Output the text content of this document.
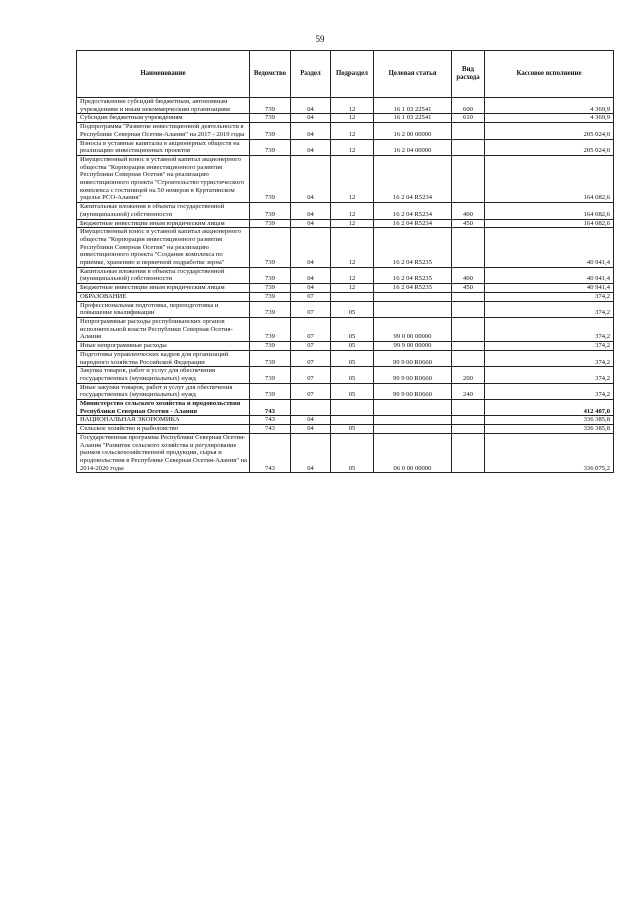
59
Наименование	Ведомство	Раздел	Подраздел	Целевая статья	Вид расхода	Кассовое исполнение
Предоставление субсидий бюджетным, автономным учреждениям и иным некоммерческим организациям	739	04	12	16 1 03 22541	600	4 369,9
Субсидии бюджетным учреждениям	739	04	12	16 1 03 22541	610	4 369,9
Подпрограмма "Развитие инвестиционной деятельности в Республике Северная Осетия-Алания" на 2017 - 2019 годы	739	04	12	16 2 00 00000		205 024,0
Взносы в уставные капиталы в акционерных обществ на реализацию инвестиционных проектов	739	04	12	16 2 04 00000		205 024,0
Имущественный взнос в уставной капитал акционерного общества "Корпорация инвестиционного развития Республики Северная Осетия" на реализацию инвестиционного проекта "Строительство туристического комплекса с гостиницей на 50 номеров в Куртатинском ущелье РСО-Алания"	739	04	12	16 2 04 R5234		164 082,6
Капитальные вложения в объекты государственной (муниципальной) собственности	739	04	12	16 2 04 R5234	400	164 082,6
Бюджетные инвестиции иным юридическим лицам	739	04	12	16 2 04 R5234	450	164 082,6
Имущественный взнос в уставной капитал акционерного общества "Корпорация инвестиционного развития Республики Северная Осетия" на реализацию инвестиционного проекта "Создание комплекса по приемке, хранению и первичной подработке зерна"	739	04	12	16 2 04 R5235		40 941,4
Капитальные вложения в объекты государственной (муниципальной) собственности	739	04	12	16 2 04 R5235	400	40 941,4
Бюджетные инвестиции иным юридическим лицам	739	04	12	16 2 04 R5235	450	40 941,4
ОБРАЗОВАНИЕ	739	07				374,2
Профессиональная подготовка, переподготовка и повышение квалификации	739	07	05			374,2
Непрограммные расходы республиканских органов исполнительной власти Республики Северная Осетия-Алания	739	07	05	99 0 00 00000		374,2
Иные непрограммные расходы	739	07	05	99 9 00 00000		374,2
Подготовка управленческих кадров для организаций народного хозяйства Российской Федерации	739	07	05	99 9 00 R0660		374,2
Закупка товаров, работ и услуг для обеспечения государственных (муниципальных) нужд	739	07	05	99 9 00 R0660	200	374,2
Иные закупки товаров, работ и услуг для обеспечения государственных (муниципальных) нужд	739	07	05	99 9 00 R0660	240	374,2
Министерство сельского хозяйства и продовольствия Республики Северная Осетия - Алания	743					412 407,0
НАЦИОНАЛЬНАЯ ЭКОНОМИКА	743	04				336 385,8
Сельское хозяйство и рыболовство	743	04	05			336 385,8
Государственная программа Республики Северная Осетия-Алания "Развитие сельского хозяйства и регулирование рынков сельскохозяйственной продукции, сырья и продовольствия в Республике Северная Осетия-Алания" на 2014-2020 годы	743	04	05	06 0 00 00000		336 075,2
